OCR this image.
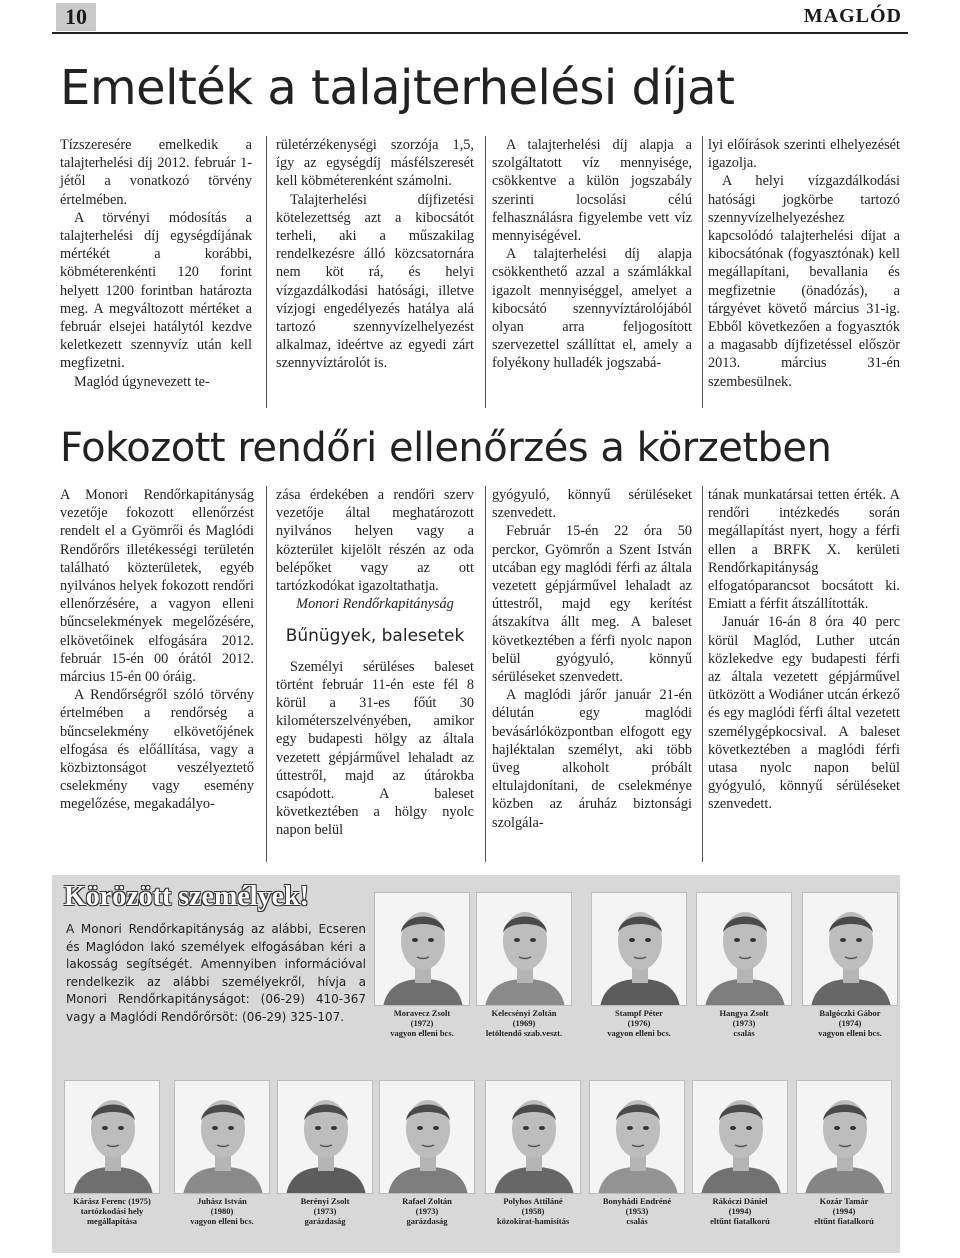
10	MAGLÓD
Emelték a talajterhelési díjat

Tízszeresére emelkedik a talajterhelési díj 2012. február 1-jétől a vonatkozó törvény értelmében.

A törvényi módosítás a talajterhelési díj egységdíjának mértékét a korábbi, köbméterenkénti 120 forint helyett 1200 forintban határozta meg. A megváltozott mértéket a február elsejei hatálytól kezdve keletkezett szennyvíz után kell megfizetni.

Maglód úgynevezett te-

rületérzékenységi szorzója 1,5, így az egységdíj másfélszeresét kell köbméterenként számolni.

Talajterhelési díjfizetési kötelezettség azt a kibocsátót terheli, aki a műszakilag rendelkezésre álló közcsatornára nem köt rá, és helyi vízgazdálkodási hatósági, illetve vízjogi engedélyezés hatálya alá tartozó szennyvízelhelyezést alkalmaz, ideértve az egyedi zárt szennyvíztárolót is.

A talajterhelési díj alapja a szolgáltatott víz mennyisége, csökkentve a külön jogszabály szerinti locsolási célú felhasználásra figyelembe vett víz mennyiségével.

A talajterhelési díj alapja csökkenthető azzal a számlákkal igazolt mennyiséggel, amelyet a kibocsátó szennyvíztárolójából olyan arra feljogosított szervezettel szállíttat el, amely a folyékony hulladék jogszabá-

lyi előírások szerinti elhelyezését igazolja.

A helyi vízgazdálkodási hatósági jogkörbe tartozó szennyvízelhelyezéshez kapcsolódó talajterhelési díjat a kibocsátónak (fogyasztónak) kell megállapítani, bevallania és megfizetnie (önadózás), a tárgyévet követő március 31-ig. Ebből következően a fogyasztók a magasabb díjfizetéssel először 2013. március 31-én szembesülnek.

Fokozott rendőri ellenőrzés a körzetben

A Monori Rendőrkapitányság vezetője fokozott ellenőrzést rendelt el a Gyömrői és Maglódi Rendőrőrs illetékességi területén található közterületek, egyéb nyilvános helyek fokozott rendőri ellenőrzésére, a vagyon elleni bűncselekmények megelőzésére, elkövetőinek elfogására 2012. február 15-én 00 órától 2012. március 15-én 00 óráig.

A Rendőrségről szóló törvény értelmében a rendőrség a bűncselekmény elkövetőjének elfogása és előállítása, vagy a közbiztonságot veszélyeztető cselekmény vagy esemény megelőzése, megakadályo-

zása érdekében a rendőri szerv vezetője által meghatározott nyilvános helyen vagy a közterület kijelölt részén az oda belépőket vagy az ott tartózkodókat igazoltathatja.

Monori Rendőrkapitányság

Bűnügyek, balesetek

Személyi sérüléses baleset történt február 11-én este fél 8 körül a 31-es főút 30 kilométerszelvényében, amikor egy budapesti hölgy az általa vezetett gépjárművel lehaladt az úttestről, majd az útárokba csapódott. A baleset következtében a hölgy nyolc napon belül

gyógyuló, könnyű sérüléseket szenvedett.

Február 15-én 22 óra 50 perckor, Gyömrőn a Szent István utcában egy maglódi férfi az általa vezetett gépjárművel lehaladt az úttestről, majd egy kerítést átszakítva állt meg. A baleset következtében a férfi nyolc napon belül gyógyuló, könnyű sérüléseket szenvedett.

A maglódi járőr január 21-én délután egy maglódi bevásárlóközpontban elfogott egy hajléktalan személyt, aki több üveg alkoholt próbált eltulajdonítani, de cselekménye közben az áruház biztonsági szolgála-

tának munkatársai tetten érték. A rendőri intézkedés során megállapítást nyert, hogy a férfi ellen a BRFK X. kerületi Rendőrkapitányság elfogatóparancsot bocsátott ki. Emiatt a férfit átszállították.

Január 16-án 8 óra 40 perc körül Maglód, Luther utcán közlekedve egy budapesti férfi az általa vezetett gépjárművel ütközött a Wodiáner utcán érkező és egy maglódi férfi által vezetett személygépkocsival. A baleset következtében a maglódi férfi utasa nyolc napon belül gyógyuló, könnyű sérüléseket szenvedett.

Körözött személyek!
A Monori Rendőrkapitányság az alábbi, Ecseren és Maglódon lakó személyek elfogásában kéri a lakosság segítségét. Amennyiben információval rendelkezik az alábbi személyekről, hívja a Monori Rendőrkapitányságot: (06-29) 410-367 vagy a Maglódi Rendőrőrsöt: (06-29) 325-107.	Moravecz Zsolt
(1972)
vagyon elleni bcs.
Kelecsényi Zoltán
(1969)
letöltendő szab.veszt.
Stampf Péter
(1976)
vagyon elleni bcs.
Hangya Zsolt
(1973)
csalás
Balgóczki Gábor
(1974)
vagyon elleni bcs.
Kárász Ferenc (1975)
tartózkodási hely
megállapítása
Juhász István
(1980)
vagyon elleni bcs.
Berényi Zsolt
(1973)
garázdaság
Rafael Zoltán
(1973)
garázdaság
Polyhos Attiláné
(1958)
közokirat-hamisítás
Bonyhádi Endréné
(1953)
csalás
Rákóczi Dániel
(1994)
eltűnt fiatalkorú
Kozár Tamár
(1994)
eltűnt fiatalkorú
